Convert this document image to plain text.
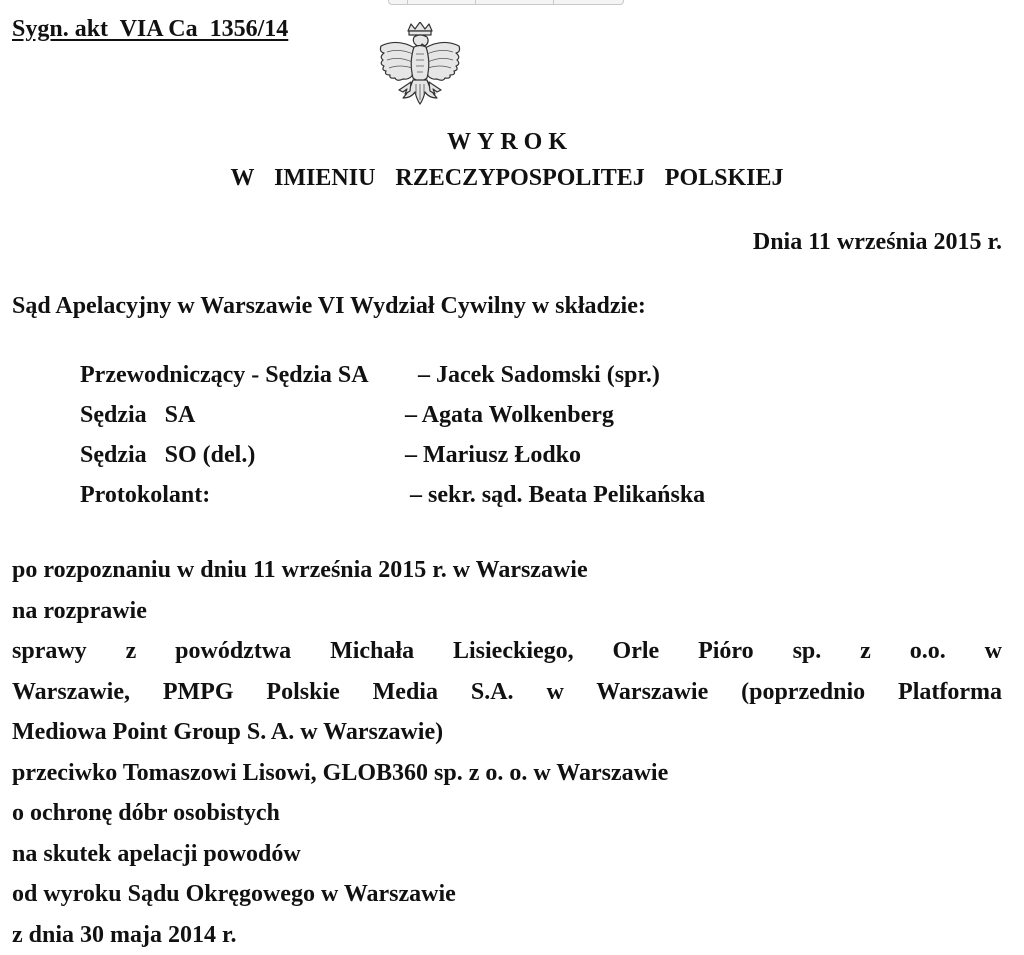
Sygn. akt  VIA Ca  1356/14
WYROK
W  IMIENIU  RZECZYPOSPOLITEJ  POLSKIEJ
Dnia 11 września 2015 r.
Sąd Apelacyjny w Warszawie VI Wydział Cywilny w składzie:
Przewodniczący - Sędzia SA – Jacek Sadomski (spr.)
Sędzia   SA	– Agata Wolkenberg
Sędzia   SO (del.)	– Mariusz Łodko
Protokolant:	– sekr. sąd. Beata Pelikańska
po rozpoznaniu w dniu 11 września 2015 r. w Warszawie
na rozprawie
sprawy z powództwa Michała Lisieckiego, Orle Pióro sp. z o.o. w
Warszawie, PMPG Polskie Media S.A. w Warszawie (poprzednio Platforma
Mediowa Point Group S. A. w Warszawie)
przeciwko Tomaszowi Lisowi, GLOB360 sp. z o. o. w Warszawie
o ochronę dóbr osobistych
na skutek apelacji powodów
od wyroku Sądu Okręgowego w Warszawie
z dnia 30 maja 2014 r.
